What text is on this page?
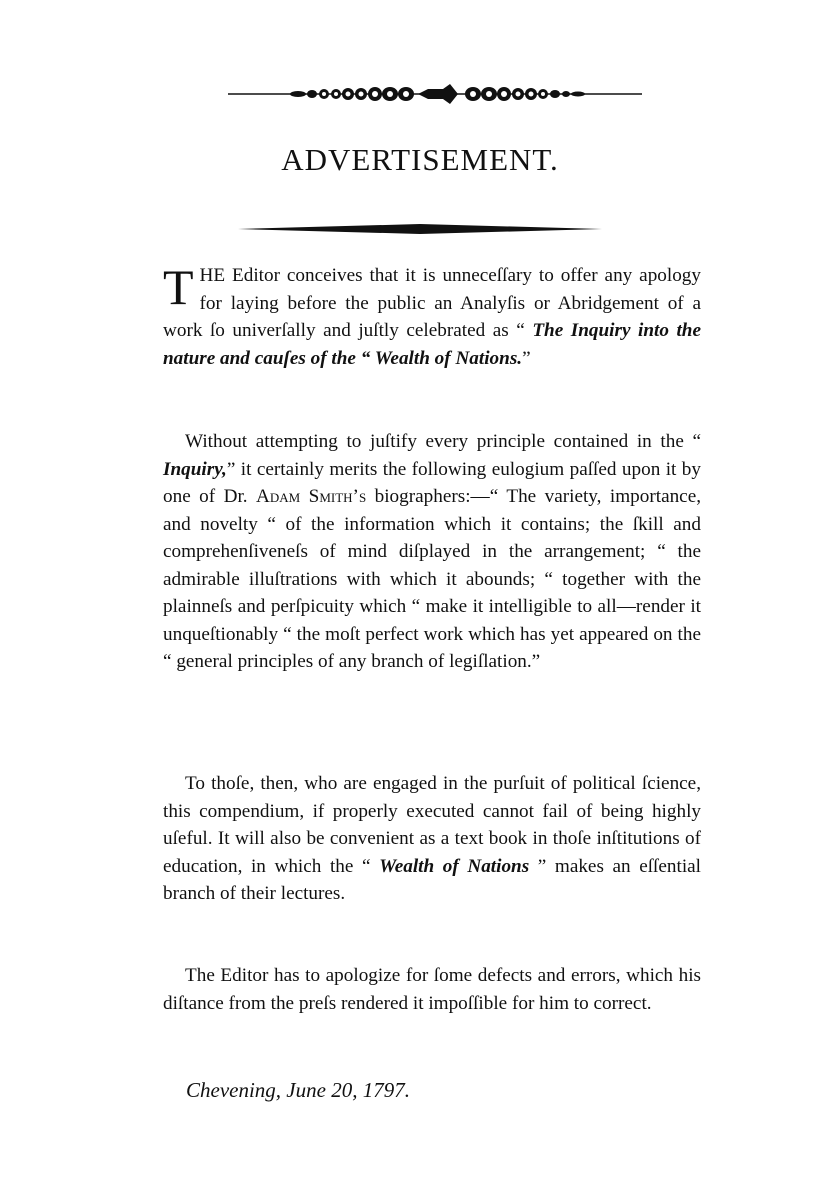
ADVERTISEMENT.

THE Editor conceives that it is unneceſſary to offer any apology for laying before the public an Analyſis or Abridgement of a work ſo univerſally and juſtly celebrated as “ The Inquiry into the nature and cauſes of the “ Wealth of Nations.”

Without attempting to juſtify every principle contained in the “ Inquiry,” it certainly merits the following eulogium paſſed upon it by one of Dr. Adam Smith’s biographers:—“ The variety, importance, and novelty “ of the information which it contains; the ſkill and comprehenſiveneſs of mind diſplayed in the arrangement; “ the admirable illuſtrations with which it abounds; “ together with the plainneſs and perſpicuity which “ make it intelligible to all—render it unqueſtionably “ the moſt perfect work which has yet appeared on the “ general principles of any branch of legiſlation.”

To thoſe, then, who are engaged in the purſuit of political ſcience, this compendium, if properly executed cannot fail of being highly uſeful. It will also be convenient as a text book in thoſe inſtitutions of education, in which the “ Wealth of Nations ” makes an eſſential branch of their lectures.

The Editor has to apologize for ſome defects and errors, which his diſtance from the preſs rendered it impoſſible for him to correct.

Chevening, June 20, 1797.
